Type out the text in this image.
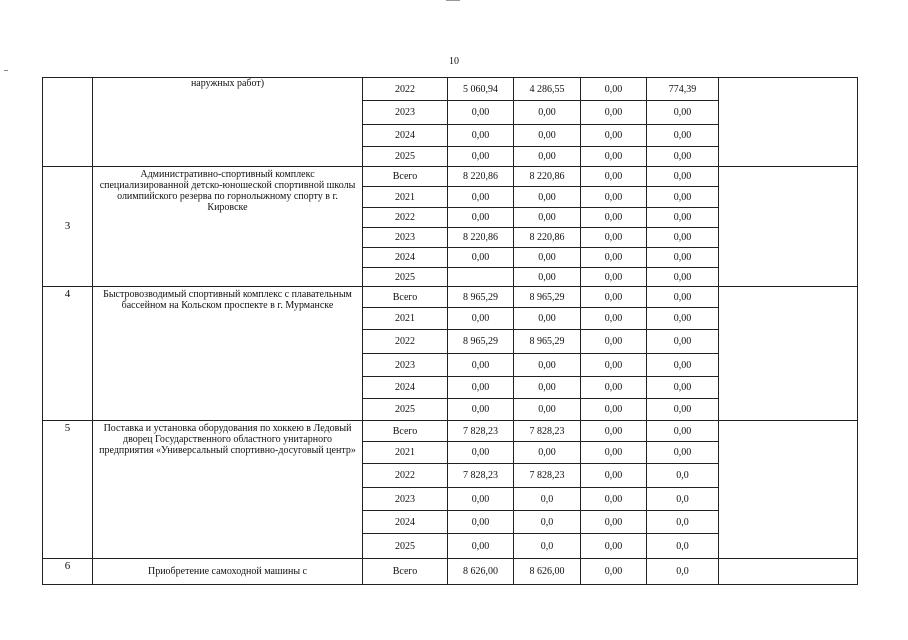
10
	наружных работ)	2022	5 060,94	4 286,55	0,00	774,39	
		2023	0,00	0,00	0,00	0,00	
		2024	0,00	0,00	0,00	0,00	
		2025	0,00	0,00	0,00	0,00	
3	Административно-спортивный комплекс специализированной детско-юношеской спортивной школы олимпийского резерва по горнолыжному спорту в г. Кировске	Всего	8 220,86	8 220,86	0,00	0,00	
		2021	0,00	0,00	0,00	0,00	
		2022	0,00	0,00	0,00	0,00	
		2023	8 220,86	8 220,86	0,00	0,00	
		2024	0,00	0,00	0,00	0,00	
		2025		0,00	0,00	0,00	
4	Быстровозводимый спортивный комплекс с плавательным бассейном на Кольском проспекте в г. Мурманске	Всего	8 965,29	8 965,29	0,00	0,00	
		2021	0,00	0,00	0,00	0,00	
		2022	8 965,29	8 965,29	0,00	0,00	
		2023	0,00	0,00	0,00	0,00	
		2024	0,00	0,00	0,00	0,00	
		2025	0,00	0,00	0,00	0,00	
5	Поставка и установка оборудования по хоккею в Ледовый дворец Государственного областного унитарного предприятия «Универсальный спортивно-досуговый центр»	Всего	7 828,23	7 828,23	0,00	0,00	
		2021	0,00	0,00	0,00	0,00	
		2022	7 828,23	7 828,23	0,00	0,0	
		2023	0,00	0,0	0,00	0,0	
		2024	0,00	0,0	0,00	0,0	
		2025	0,00	0,0	0,00	0,0	
6	Приобретение самоходной машины с	Всего	8 626,00	8 626,00	0,00	0,0	
